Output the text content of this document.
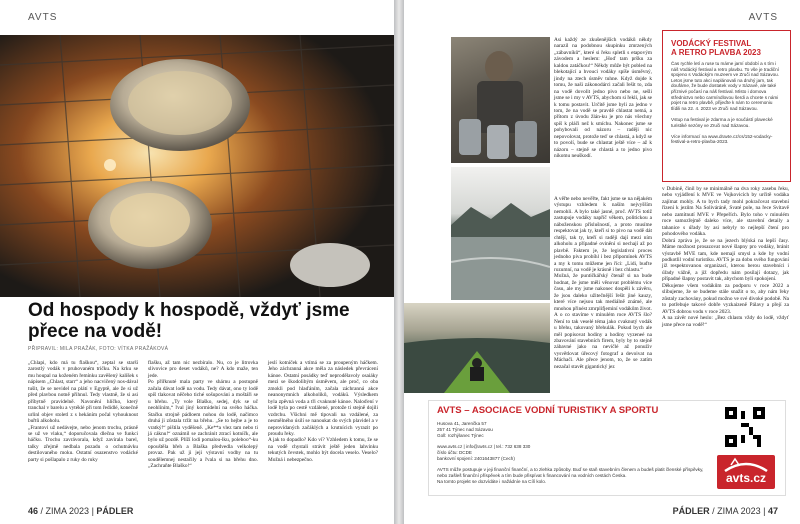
AVTS
Od hospody k hospodě, vždyť jsme přece na vodě!
PŘIPRAVIL: MILA PRAŽÁK, FOTO: VÍTKA PRAŽÁKOVÁ

„Chlapi, kdo má tu flaškou“, zeptal se starší zarostlý vodák v pruhovaném tričku. Na krku se mu houpal na koženém řemínku zavěšený kalíšek s nápisem „Chlast, starr“ a jeho nacvičený nos-dával tušit, že se nevidel na plátí v Egyptě, ale že si už před plavbou notně přihnul. Tedy vlastně, že si asi příbytně pravidelně. Navonění hlíčko, který tranchal v barelu a vytéklé při tom ředidlé, konečně urlinl objev stoletl z s hekáním počal vyhouknout buřtů alkoholu.
„Frantovi už nedávejte, nebo jenom trochu, prásně se už ve vlaku,“ doporučovala dlečna ve funkci háčku. Trochu zavrávorala, když zavírala barel, talky zřejmě nedbala pozadu o ochutnávku destilovaného moku. Ostatní osazenstvo vodácké party si pošlapalo z ruky do ruky

flašku, až tam nic nezbíralo. Nu, co je litrovka slivovice pro deset vodáků, ne? A kdo maže, ten jede.
Po přiřknuté mala party ve shárnu a postupně začala dávat lodě na vodu. Tedy dávat, ono ty lodě spíš tlakovat něčeho tiché sošupováni a moštáři se u břehu. „Ty vole Blaško, sedej, dyk se uč neohlíním,“ řval jiný kormidelní na svého háčka. Stačku strojně pádloem nohou do lodě, načimco druhá ji zůstala tržit na břehu. „Se to hejbe a je to vratký!“ pištila vyděšeně. „Ke**a vlez tam nebo ti já cáknu!“ oznámil se zachránit ztrací kotníčk, ale bylo už pozdě. Plíží lodi pomalou‑lku, poleboo“-ku opouštěla břeh a Blaška předvedla velkolepý provaz. Pak už ji jeji výstavní vodby na tu soudělemnej nestačily a řvala si na břehu dno. „Zachraňte Blaško!“

jeslí kotníček a vtímá se za proupeným háčkem. Jeho záchranná akce měla za následek převrácení kánoe. Ostatní posádky teď neprodělavoly osaiáky mezi se škodolibým úsměvem, ale proč, co oba zmokli pod hlaďáním, začala záchranná akce neanonymních alkoholiků, vodákü. Výsledkem byla zpěvná voda a tři cvaknuté kánoe. Naloďení v lodě byla po cestě vzdálené, protože ti stejně dojili vzdrchu. Všichni mě tipovali na vzdálené, za nesmělného úsilí se nanoukat do svých plavidel a v neprovídaných začáklých a krutnícich vyrazit po proudu řeky.
A jak to dopadlo? Kdo ví? Vzhledem k tomu, že se na vodě chystali strávit ještě jeden lahvinku tekutých čevstek, mohlo být docela veselo. Veselo? Možná i nebezpečno.

46 / ZIMA 2023 | PÁDLER
AVTS

Asi každý ze zkušenějších vodáků někdy narazil na podobnou skupinku zmrzených „zábavníků“, které si řeku spletli s etapovým závodem a heslem: „Hoď tam pršku za kaldou zatáčkou!“ Někdy může být pobled na blekotající a hvouci vodáky spíše úsměvný, jindy na ztech úsměv tuhne. Když dojde k tomu, že naši zákonodárci začali řešit to, zda na vodě dovolit jedno pivo nebo ne, sešli jsme se i my v AVTS, abychom si řekli, jak se k tomu postavit. Určitě jsme byli za jedno v tom, že na vodě se pravdě chlastat nemá, a přítom z úvodu žlán-ku je pro nás všechny spíš k pláči než k smíchu. Nakonec jsme se pohybovali od názoru – raději nic nepovolovat, protože teď se chlastá, a když se to povolí, bude se chlastat ještě více – až k názoru – stejně se chlastá a to jedno pivo nikomu neuškodí.

A věřte nebo nevěřte, fakt jsme se na nějakém výstupu vzhledem k naším nejvyšším nemohli. A bylo také jasné, proč. AVTS totiž zastupuje vodáky napříč věkem, politickou a náboženskou příslušností, a proto musíme respektovat jak ty, kteří si to pivo na vodě dát chtějí, tak ty, kteří si raději dají mezi ním alkoholu a případné ovinění si nechají až po plavbě. Faktem je, že legislativní proces jednoho piva probíhl i bez připomínek AVTS a my k tomu můžeme jen říci: „Lidi, buďte rozumní, na vodě je krásně i bez chlastu.“
Možná, že puntičkářský čtenář si na bude hodnat, že jsme měli věnovat problému více času, ale my jsme nakonec dospěli k závěru, že jsou daleko užitečnější řešit jiné kauzy, které více nejsou tak mediálně známé, ale mnohou přinést zmrplifjeminí vodákům život.
A o co stavíme v minulém roce AVTS šlo? Není to tak veselé téma jako cvaknutý vodák u břehu, takovaný břehulák. Pokud bych ale měl popisovat hodiny a hodiny vyzeneé na zbavování stavebních firem, byly by to stejně zábavné jako na nevičlé až ponuživ vysvětlovat úřecový fotograf a devoivat na Máchači. Ale přece jenom, to, že se zatím nezačal stavět gigantický jez

v Dubině, činil by se minimálně na dva roky zasebu řeku, nebo vyjádření k MVE ve Vojkovicích by určitě vodáka zajímat mohly. A to bych tady mohl pokračovat stavební řízení k jezům Na Soliváráně, Svaté pole, na řece Svitavě nebo zamítnutí MVE v Přepeřích. Bylo toho v minulém roce samozřejmě daleko více, ale stavební detaily a tahanice s úřady by asi nebyly to nejlepší čtení pro pohodového vodáka.
Dobrá zpráva je, že se na jezech blýská na lepší časy. Máme možnost prosazovat nové šlapny pro vodáky, bránit výstavbě MVE tam, kde nemají smysl a kde by vodní podkotlil vodní turistiku. AVTS je za dobu svého fungování již respektovanou organizací, kterou berou stavebníci i úřady vážně, a již dopředu nám posílají dotazy, jak případné šlapny postavit tak, abychom byli spokojení.
Děkujeme všem vodákům za podporu v roce 2022 a slibujeme, že se budeme stále snažit o to, aby nám řeky zůstaly zachovány, pokud možno ve své divoké podobě. Na to potřebuje takové dobře vyzkaizeně Pálavy a přejí za AVTS dobrou vodu v roce 2023.
A na závěr nové heslo: „Bez chlastu vždy do lodě, vždyť jsme přece na vodě!“

VODÁCKÝ FESTIVAL
A RETRO PLAVBA 2023
Čas rychle letí a ruse tu máme jarní období a s tím i náš Vodácký festival a retro plavbu. To vše je tradiční spojeno s Vodáckým muzeem ve Zruči nad Sázavou. Letos jsme tuto akci naplánovali na druhý jarn, tak doufáme, že bude dostatek vody v Sázavě, ale také příznivé počasí na náš festival. Místo i domova střednictvo nebo carmíndlovou šerdi a chcete s námi pojet na retro plavbě, přijeďte k nám to ceremoniu tlídili na 22. 4. 2023 ve Zruči nad Sázavou.

Vstup na festival je zdarma a je součástí plavecké turistiké sezóny ve Zruči nad Sázavou.

Více informací na www.dravte.cz/cs/152-vodacky-festival-a-retro-plavba-2023.
AVTS – ASOCIACE VODNÍ TURISTIKY A SPORTU
Husova 41, Jarenčka 57
257 41 Týnec nad Sázavou
Goll: rozhýlanec Týnec

www.avts.cz | info@avts.cz | tel.: 732 638 330
číslo účtu: DCDE
bankovní spojení: 2401643877 (Cech)

AVTS může postupuje v jeji finanční finanční, a to zlehka způsoby. Buď se staň stavebním členem a budeš platit členské příspěvky, nebo zašleš finanční příspěvek a tím bude přispívat k financování na vodních cestách Česka.
Na tomto projekt se dozvídáte i nažádníe na Cílí kolo.	avts.cz
PÁDLER / ZIMA 2023 | 47
